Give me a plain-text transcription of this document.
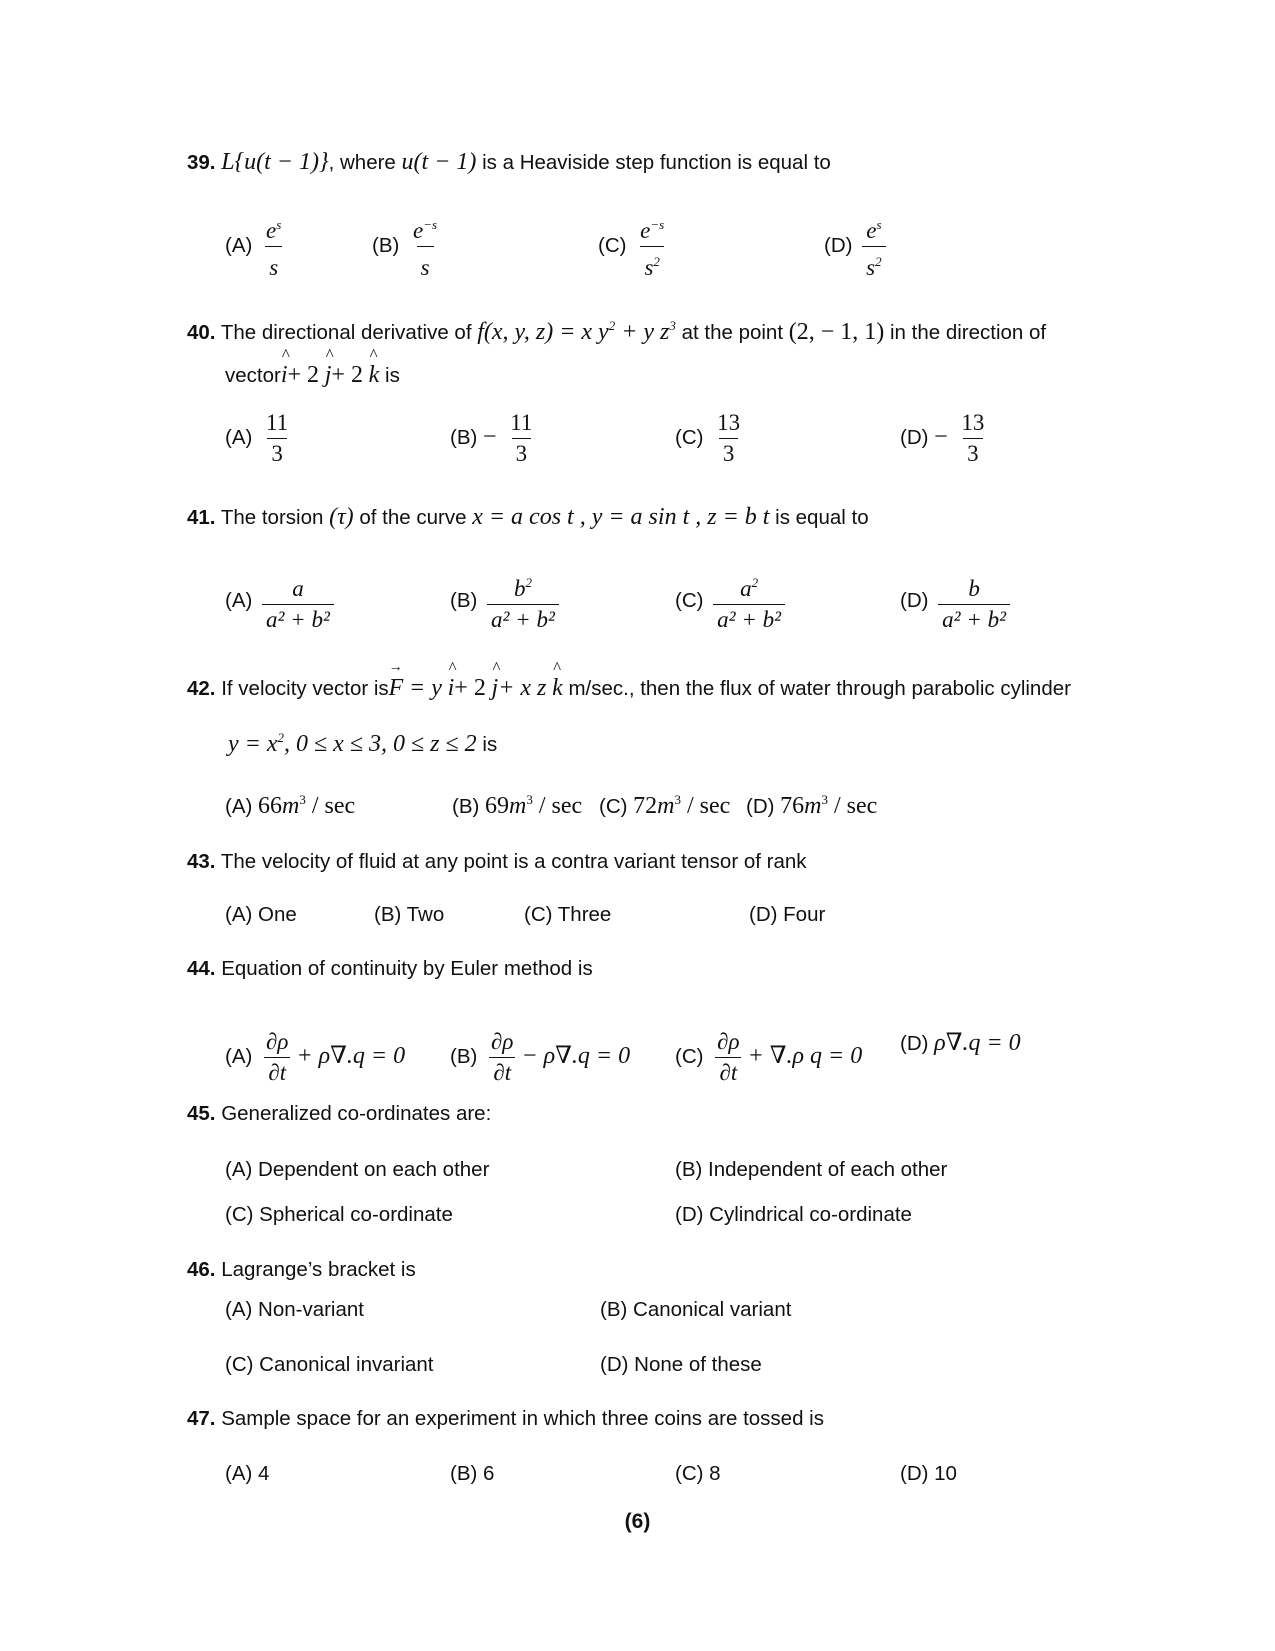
39. L{u(t − 1)}, where u(t − 1) is a Heaviside step function is equal to
$(A) \frac{e^s}{s}$	$(B) \frac{e^{-s}}{s}$	$(C) \frac{e^{-s}}{s^2}$	$(D) \frac{e^s}{s^2}$
40. The directional derivative of f(x, y, z) = x $y^2 + y$ $z^3$ at the point (2, − 1, 1) in the direction of
vector^ i+ 2 ^ j+ 2 ^ k is
$(A) \frac{11}{3}$	$(B) - \frac{11}{3}$	$(C) \frac{13}{3}$	$(D) - \frac{13}{3}$
41. The torsion (τ) of the curve x = a cos t , y = a sin t , z = b t is equal to
$(A) \frac{a}{\text{a² + b²}}$	$(B) \frac{b^2}{\text{a² + b²}}$	$(C) \frac{a^2}{\text{a² + b²}}$	$(D) \frac{b}{\text{a² + b²}}$
42. If velocity vector is→ F = y ^ i+ 2 ^ j+ x z ^ k m/sec., then the flux of water through parabolic cylinder
$y = x^2$, 0 ≤ x ≤ 3, 0 ≤ z ≤ 2 is
(A) $66m^3$ / sec	(B) $69m^3$ / sec (C) $72m^3$ / sec (D) $76m^3$ / sec
43. The velocity of fluid at any point is a contra variant tensor of rank
(A) One	(B) Two	(C) Three	(D) Four
44. Equation of continuity by Euler method is
$(A) \frac{\partial\rho}{\partial t} + \rho\nabla.q = 0$ $(B) \frac{\partial\rho}{\partial t} - \rho\nabla.q = 0$ $(C) \frac{\partial\rho}{\partial t} + \nabla.\rho$ q = 0 (D) ρ∇.q = 0
45. Generalized co-ordinates are:
(A) Dependent on each other	(B) Independent of each other
(C) Spherical co-ordinate	(D) Cylindrical co-ordinate
46. Lagrange’s bracket is
(A) Non-variant	(B) Canonical variant
(C) Canonical invariant	(D) None of these
47. Sample space for an experiment in which three coins are tossed is
(A) 4	(B) 6	(C) 8	(D) 10
(6)
